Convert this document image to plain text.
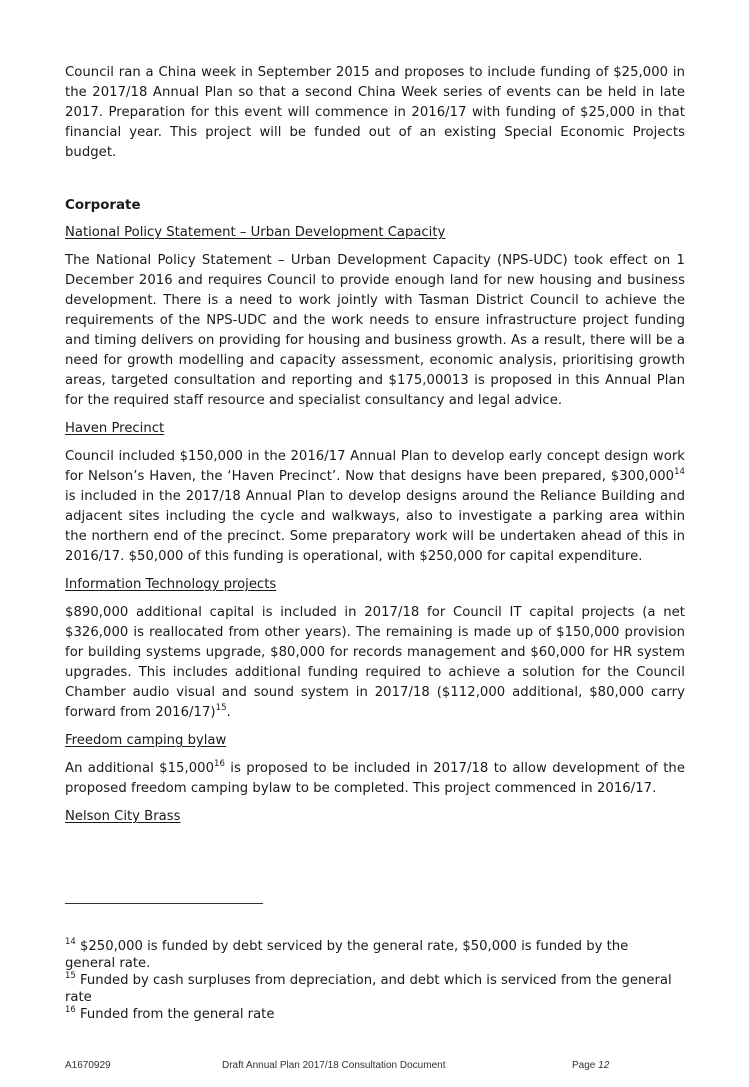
Council ran a China week in September 2015 and proposes to include funding of $25,000 in the 2017/18 Annual Plan so that a second China Week series of events can be held in late 2017. Preparation for this event will commence in 2016/17 with funding of $25,000 in that financial year. This project will be funded out of an existing Special Economic Projects budget.

Corporate

National Policy Statement – Urban Development Capacity

The National Policy Statement – Urban Development Capacity (NPS-UDC) took effect on 1 December 2016 and requires Council to provide enough land for new housing and business development. There is a need to work jointly with Tasman District Council to achieve the requirements of the NPS-UDC and the work needs to ensure infrastructure project funding and timing delivers on providing for housing and business growth. As a result, there will be a need for growth modelling and capacity assessment, economic analysis, prioritising growth areas, targeted consultation and reporting and $175,00013 is proposed in this Annual Plan for the required staff resource and specialist consultancy and legal advice.

Haven Precinct

Council included $150,000 in the 2016/17 Annual Plan to develop early concept design work for Nelson’s Haven, the ‘Haven Precinct’. Now that designs have been prepared, $300,000$^{14}$ is included in the 2017/18 Annual Plan to develop designs around the Reliance Building and adjacent sites including the cycle and walkways, also to investigate a parking area within the northern end of the precinct. Some preparatory work will be undertaken ahead of this in 2016/17. $50,000 of this funding is operational, with $250,000 for capital expenditure.

Information Technology projects

$890,000 additional capital is included in 2017/18 for Council IT capital projects (a net $326,000 is reallocated from other years). The remaining is made up of $150,000 provision for building systems upgrade, $80,000 for records management and $60,000 for HR system upgrades. This includes additional funding required to achieve a solution for the Council Chamber audio visual and sound system in 2017/18 ($112,000 additional, $80,000 carry forward from 2016/17)$^{15}$.

Freedom camping bylaw

An additional $15,000$^{16}$ is proposed to be included in 2017/18 to allow development of the proposed freedom camping bylaw to be completed. This project commenced in 2016/17.

Nelson City Brass

$^{14}$ $250,000 is funded by debt serviced by the general rate, $50,000 is funded by the general rate.

$^{15}$ Funded by cash surpluses from depreciation, and debt which is serviced from the general rate

$^{16}$ Funded from the general rate

A1670929	Draft Annual Plan 2017/18 Consultation Document	Page 12
